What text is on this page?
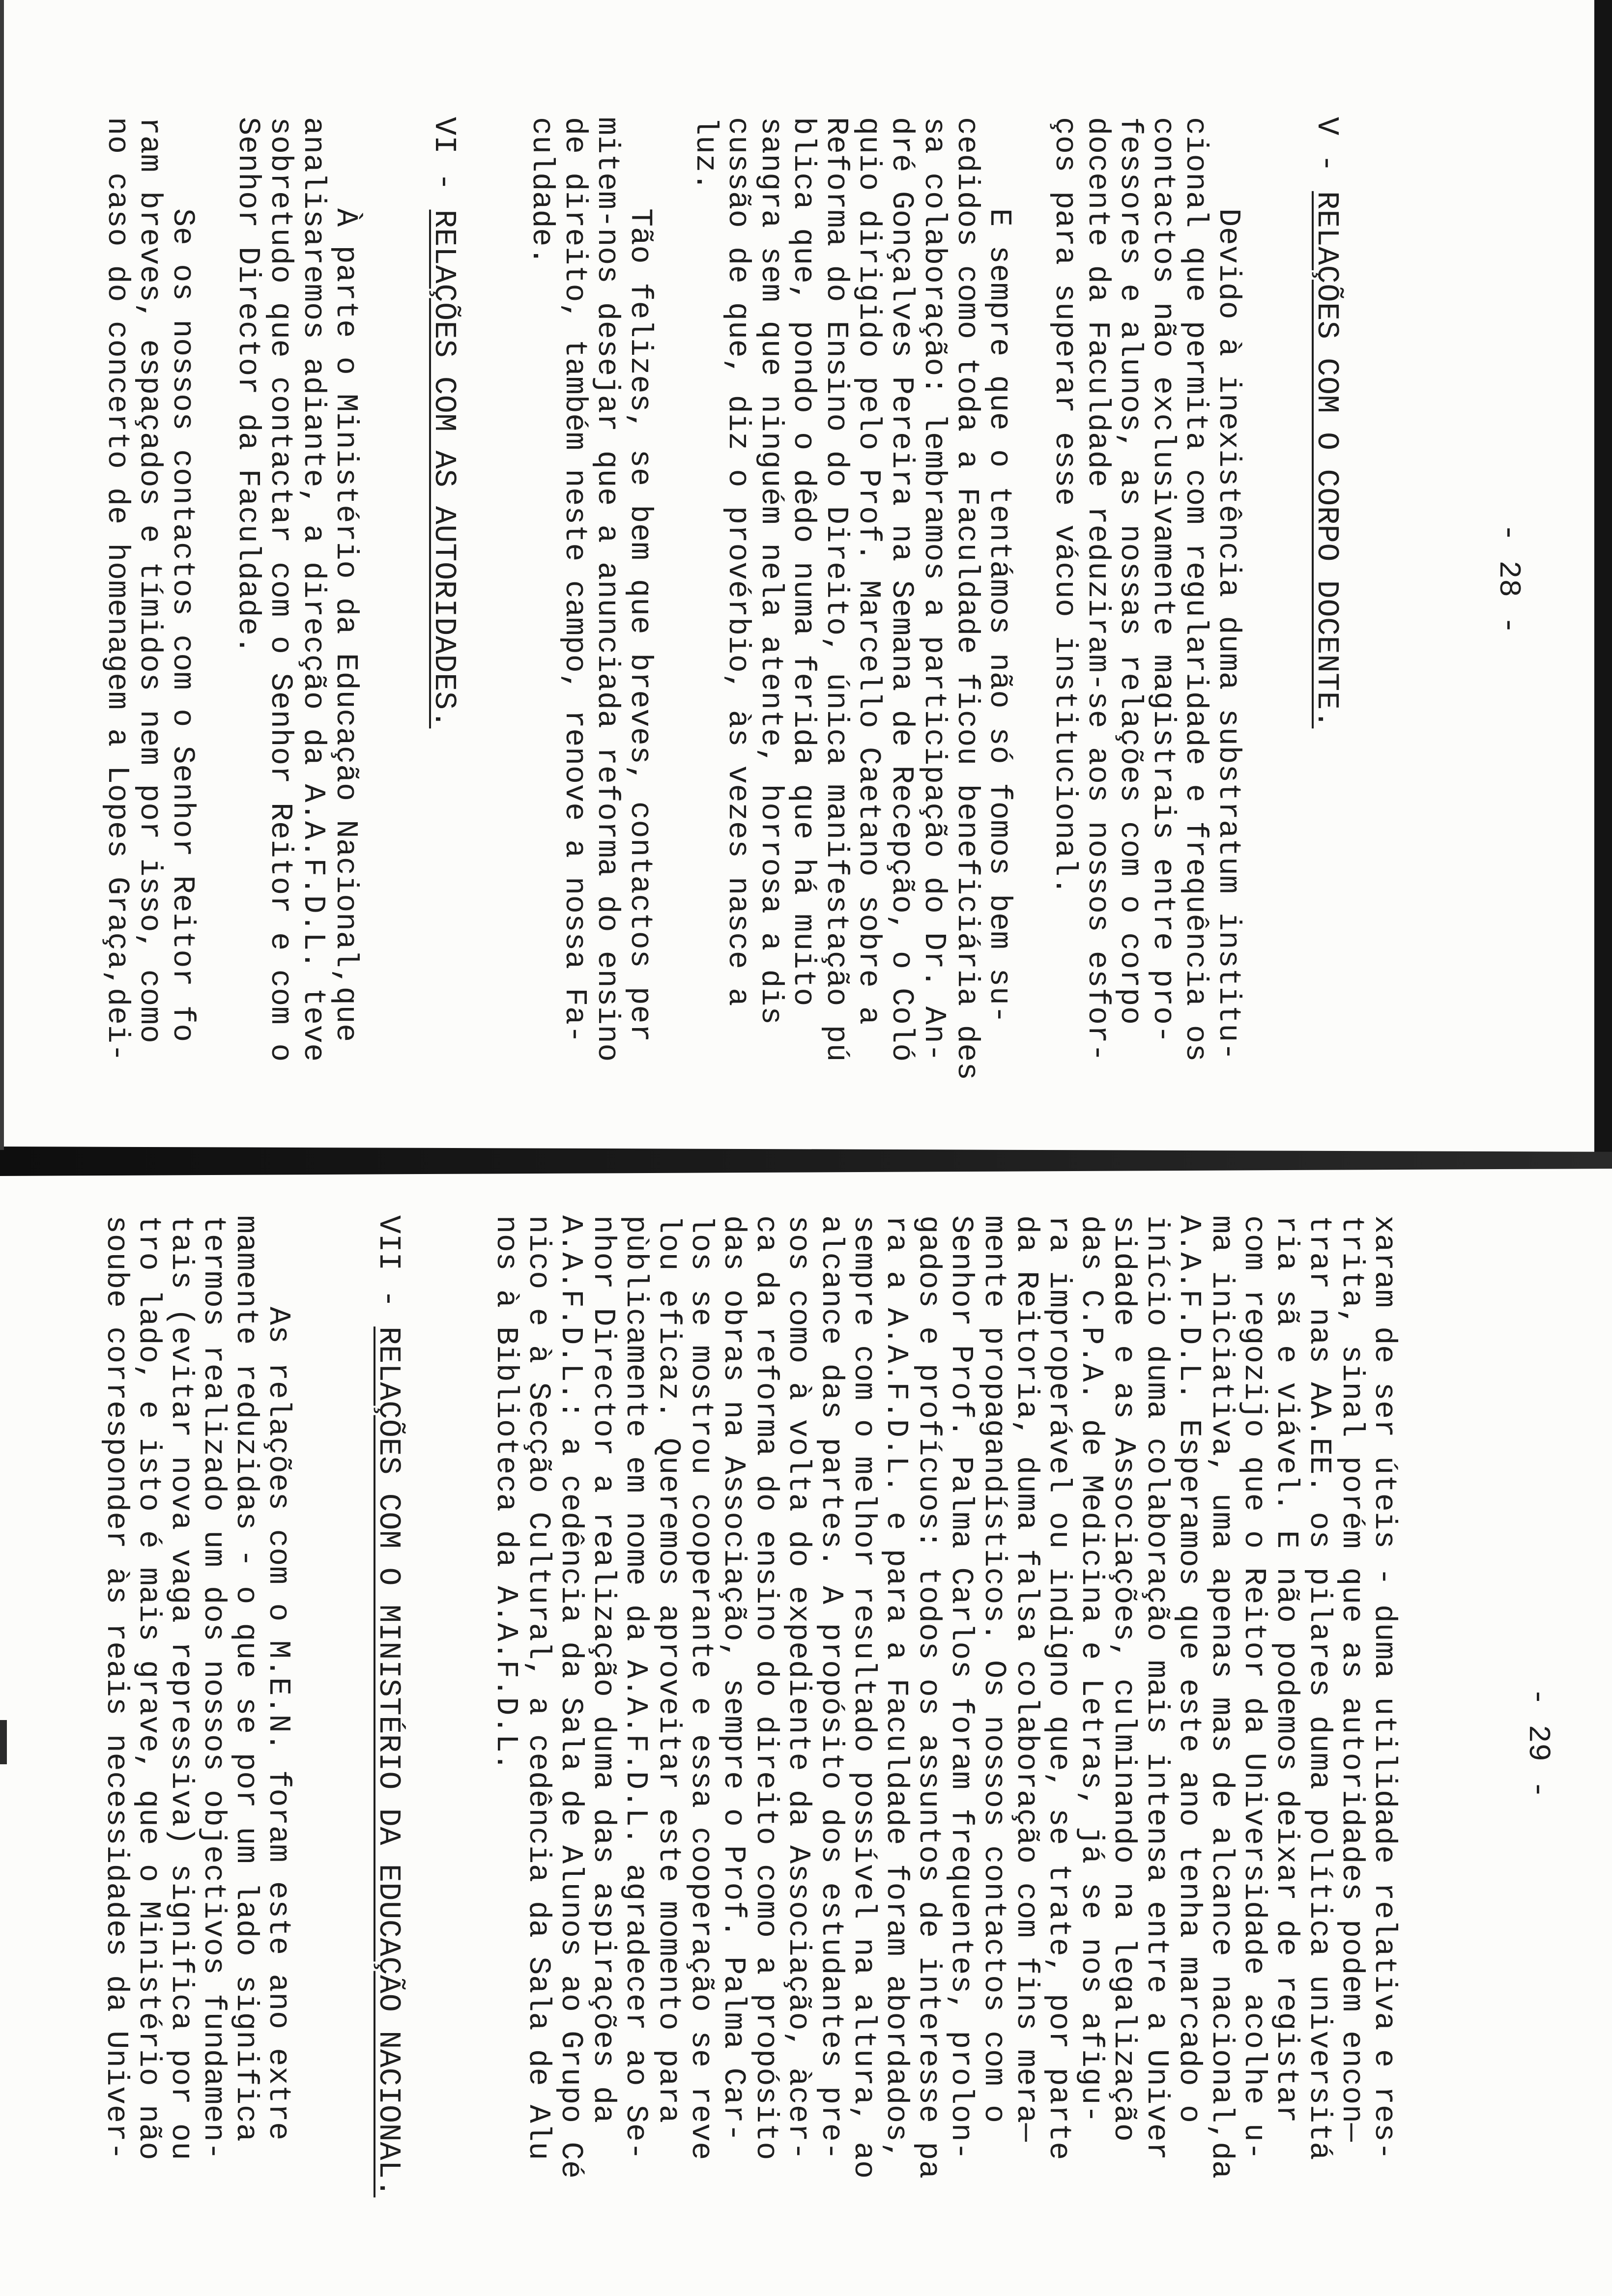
- 28 -
V - RELAÇÕES COM O CORPO DOCENTE.
Devido à inexistência duma substratum institu-
cional que permita com regularidade e frequência os
contactos não exclusivamente magistrais entre pro-
fessores e alunos, as nossas relações com o corpo
docente da Faculdade reduziram-se aos nossos esfor-
ços para superar esse vácuo institucional.
E sempre que o tentámos não só fomos bem su-
cedidos como toda a Faculdade ficou beneficiária des
sa colaboração: lembramos a participação do Dr. An-
dré Gonçalves Pereira na Semana de Recepção, o Coló
quio dirigido pelo Prof. Marcello Caetano sobre a
Reforma do Ensino do Direito, única manifestação pú
blica que, pondo o dêdo numa ferida que há muito
sangra sem que ninguém nela atente, horrosa a dis
cussão de que, diz o provérbio, às vezes nasce a
luz.
Tão felizes, se bem que breves, contactos per
mitem-nos desejar que a anunciada reforma do ensino
de direito, também neste campo, renove a nossa Fa-
culdade.
VI - RELAÇÕES COM AS AUTORIDADES.
À parte o Ministério da Educação Nacional,que
analisaremos adiante, a direcção da A.A.F.D.L. teve
sobretudo que contactar com o Senhor Reitor e com o
Senhor Director da Faculdade.
Se os nossos contactos com o Senhor Reitor fo
ram breves, espaçados e tímidos nem por isso, como
no caso do concerto de homenagem a Lopes Graça,dei-
- 29 -
xaram de ser úteis - duma utilidade relativa e res-
trita, sinal porém que as autoridades podem encon—
trar nas AA.EE. os pilares duma política universitá
ria sã e viável. E não podemos deixar de registar
com regozijo que o Reitor da Universidade acolhe u-
ma iniciativa, uma apenas mas de alcance nacional,da
A.A.F.D.L. Esperamos que este ano tenha marcado o
início duma colaboração mais intensa entre a Univer
sidade e as Associações, culminando na legalização
das C.P.A. de Medicina e Letras, já se nos afigu-
ra improperável ou indigno que, se trate, por parte
da Reitoria, duma falsa colaboração com fins mera—
mente propagandísticos. Os nossos contactos com o
Senhor Prof. Palma Carlos foram frequentes, prolon-
gados e profícuos: todos os assuntos de interesse pa
ra a A.A.F.D.L. e para a Faculdade foram abordados,
sempre com o melhor resultado possível na altura, ao
alcance das partes. A propósito dos estudantes pre-
sos como à volta do expediente da Associação, àcer-
ca da reforma do ensino do direito como a propósito
das obras na Associação, sempre o Prof. Palma Car-
los se mostrou cooperante e essa cooperação se reve
lou eficaz. Queremos aproveitar este momento para
pùblicamente em nome da A.A.F.D.L. agradecer ao Se-
nhor Director a realização duma das aspirações da
A.A.F.D.L.: a cedência da Sala de Alunos ao Grupo Cé
nico e à Secção Cultural, a cedência da Sala de Alu
nos à Biblioteca da A.A.F.D.L.
VII - RELAÇÕES COM O MINISTÉRIO DA EDUCAÇÃO NACIONAL.
As relações com o M.E.N. foram este ano extre
mamente reduzidas - o que se por um lado significa
termos realizado um dos nossos objectivos fundamen-
tais (evitar nova vaga repressiva) significa por ou
tro lado, e isto é mais grave, que o Ministério não
soube corresponder às reais necessidades da Univer-
